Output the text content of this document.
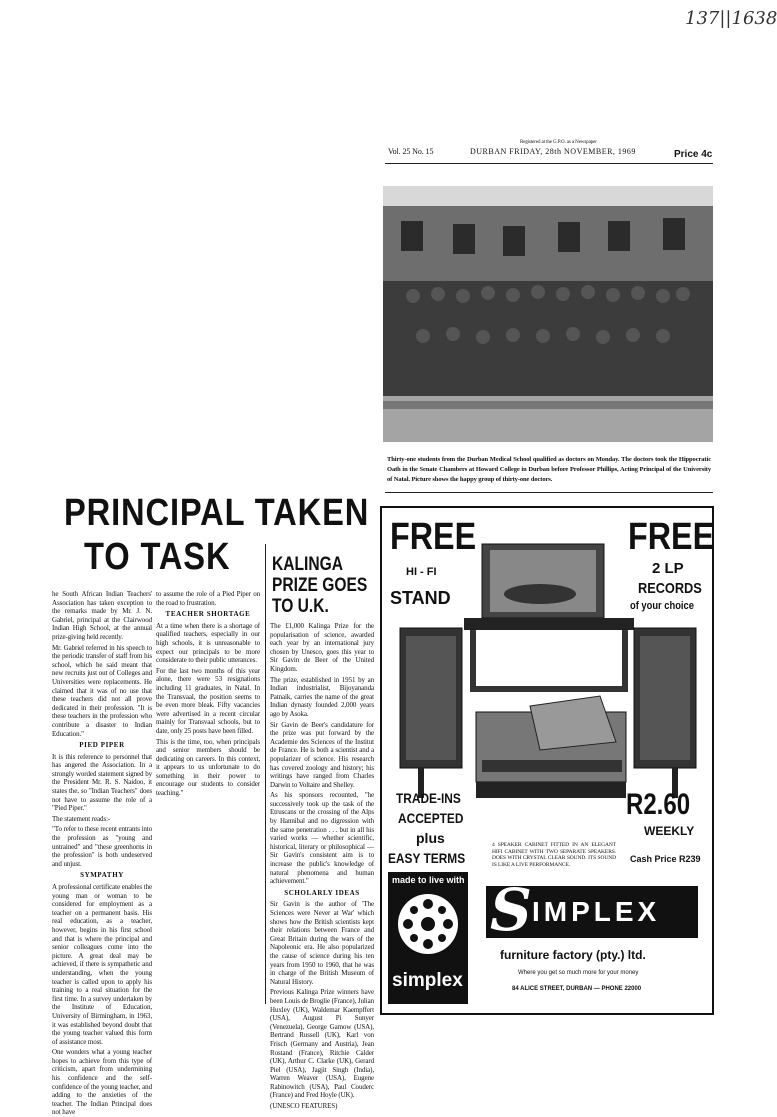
137||1638
Registered at the G.P.O. as a Newspaper
Vol. 25 No. 15	DURBAN FRIDAY, 28th NOVEMBER, 1969	Price 4c
Thirty-one students from the Durban Medical School qualified as doctors on Monday. The doctors took the Hippocratic Oath in the Senate Chambers at Howard College in Durban before Professor Phillips, Acting Principal of the University of Natal. Picture shows the happy group of thirty-one doctors.
PRINCIPAL TAKEN
TO TASK

he South African Indian Teachers' Association has taken exception to the remarks made by Mr. J. N. Gabriel, principal at the Clairwood Indian High School, at the annual prize-giving held recently.

Mr. Gabriel referred in his speech to the periodic transfer of staff from his school, which he said meant that new recruits just out of Colleges and Universities were replacements. He claimed that it was of no use that these teachers did not all prove dedicated in their profession. "It is these teachers in the profession who contribute a disaster to Indian Education."

PIED PIPER

It is this reference to personnel that has angered the Association. In a strongly worded statement signed by the President Mr. R. S. Naidoo, it states the, so "Indian Teachers" does not have to assume the role of a "Pied Piper."

The statement reads:-

"To refer to these recent entrants into the profession as "young and untrained" and "these greenhorns in the profession" is both undeserved and unjust.

SYMPATHY

A professional certificate enables the young man or woman to be considered for employment as a teacher on a permanent basis. His real education, as a teacher, however, begins in his first school and that is where the principal and senior colleagues come into the picture. A great deal may be achieved, if there is sympathetic and understanding, when the young teacher is called upon to apply his training to a real situation for the first time. In a survey undertaken by the Institute of Education, University of Birmingham, in 1963, it was established beyond doubt that the young teacher valued this form of assistance most.

One wonders what a young teacher hopes to achieve from this type of criticism, apart from undermining his confidence and the self-confidence of the young teacher, and adding to the anxieties of the teacher. The Indian Principal does not have

to assume the role of a Pied Piper on the road to frustration.

TEACHER SHORTAGE

At a time when there is a shortage of qualified teachers, especially in our high schools, it is unreasonable to expect our principals to be more considerate to their public utterances.

For the last two months of this year alone, there were 53 resignations including 11 graduates, in Natal. In the Transvaal, the position seems to be even more bleak. Fifty vacancies were advertised in a recent circular mainly for Transvaal schools, but to date, only 25 posts have been filled.

This is the time, too, when principals and senior members should be dedicating on careers. In this context, it appears to us unfortunate to do something in their power to encourage our students to consider teaching."

KALINGA
PRIZE GOES
TO U.K.

The £1,000 Kalinga Prize for the popularisation of science, awarded each year by an international jury chosen by Unesco, goes this year to Sir Gavin de Beer of the United Kingdom.

The prize, established in 1951 by an Indian industrialist, Bijoyananda Patnaik, carries the name of the great Indian dynasty founded 2,000 years ago by Asoka.

Sir Gavin de Beer's candidature for the prize was put forward by the Academie des Sciences of the Institut de France. He is both a scientist and a popularizer of science. His research has covered zoology and history; his writings have ranged from Charles Darwin to Voltaire and Shelley.

As his sponsors recounted, "he successively took up the task of the Etruscans or the crossing of the Alps by Hannibal and no digression with the same penetration . . . but in all his varied works — whether scientific, historical, literary or philosophical — Sir Gavin's consistent aim is to increase the public's knowledge of natural phenomena and human achievement."

SCHOLARLY IDEAS

Sir Gavin is the author of 'The Sciences were Never at War' which shows how the British scientists kept their relations between France and Great Britain during the wars of the Napoleonic era. He also popularized the cause of science during his ten years from 1950 to 1960, that he was in charge of the British Museum of Natural History.

Previous Kalinga Prize winners have been Louis de Broglie (France), Julian Huxley (UK), Waldemar Kaempffert (USA), August Pi Sunyer (Venezuela), George Gamow (USA), Bertrand Russell (UK), Karl von Frisch (Germany and Austria), Jean Rostand (France), Ritchie Calder (UK), Arthur C. Clarke (UK), Gerard Piel (USA), Jagjit Singh (India), Warren Weaver (USA), Eugene Rabinowitch (USA), Paul Couderc (France) and Fred Hoyle (UK).

(UNESCO FEATURES)

FREE
HI - FI
STAND
FREE
2 LP
RECORDS
of your choice
TRADE-INS
ACCEPTED
plus
EASY TERMS
R2.60
WEEKLY
Cash Price R239
4 SPEAKER CABINET FITTED IN AN ELEGANT HIFI CABINET WITH TWO SEPARATE SPEAKERS. DOES WITH CRYSTAL CLEAR SOUND. ITS SOUND IS LIKE A LIVE PERFORMANCE.
made to live with
simplex
S IMPLEX
furniture factory (pty.) ltd.
Where you get so much more for your money
84 ALICE STREET, DURBAN — PHONE 22000
